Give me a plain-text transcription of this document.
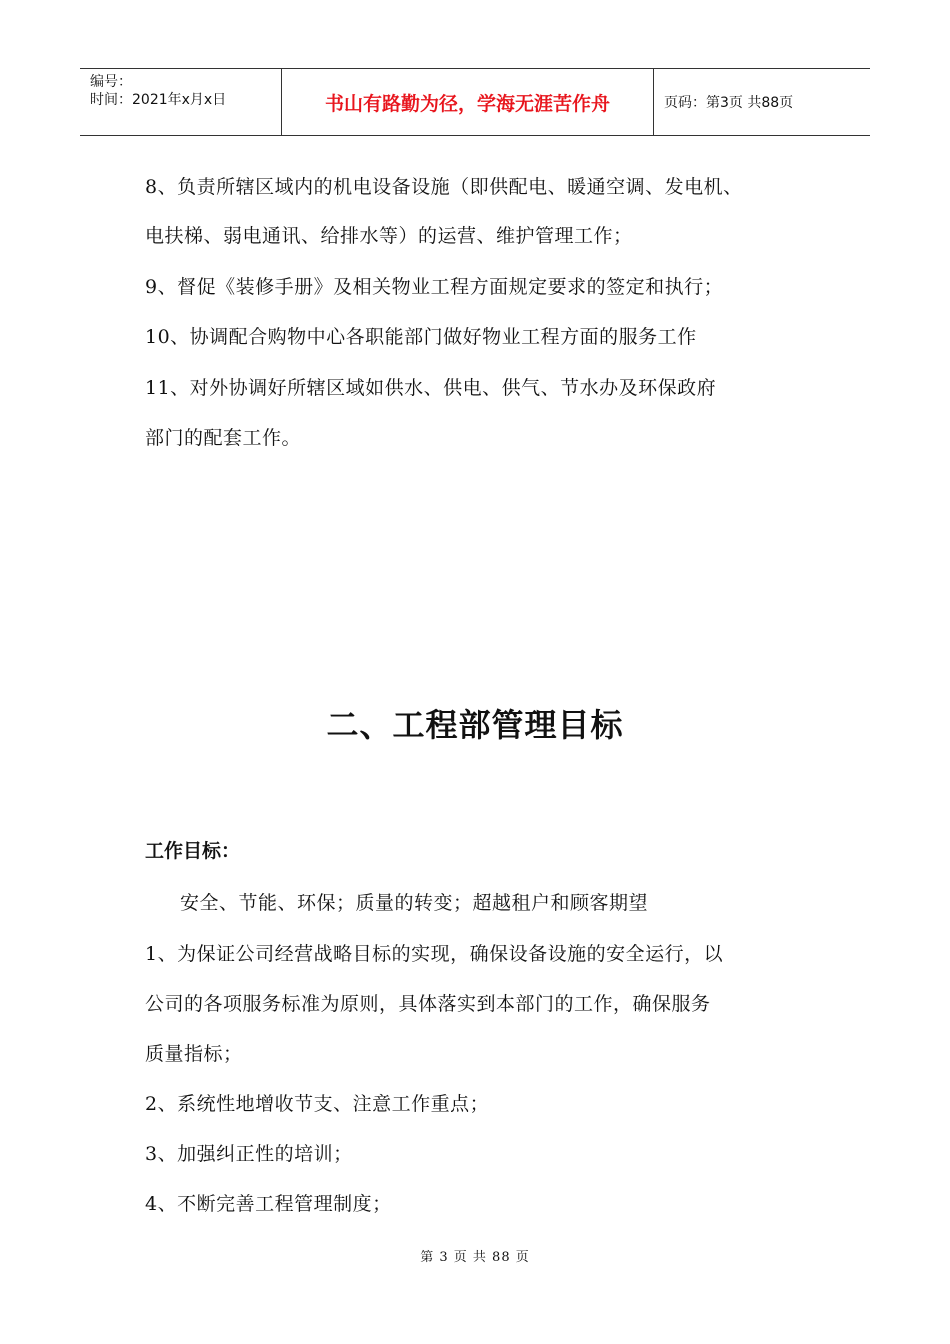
编号：
时间：2021年x月x日	书山有路勤为径，学海无涯苦作舟	页码：第3页 共88页
8、负责所辖区域内的机电设备设施（即供配电、暖通空调、发电机、
电扶梯、弱电通讯、给排水等）的运营、维护管理工作；
9、督促《装修手册》及相关物业工程方面规定要求的签定和执行；
10、协调配合购物中心各职能部门做好物业工程方面的服务工作
11、对外协调好所辖区域如供水、供电、供气、节水办及环保政府
部门的配套工作。
二、工程部管理目标
工作目标：
安全、节能、环保；质量的转变；超越租户和顾客期望
1、为保证公司经营战略目标的实现，确保设备设施的安全运行，以
公司的各项服务标准为原则，具体落实到本部门的工作，确保服务
质量指标；
2、系统性地增收节支、注意工作重点；
3、加强纠正性的培训；
4、不断完善工程管理制度；
第 3 页 共 88 页
